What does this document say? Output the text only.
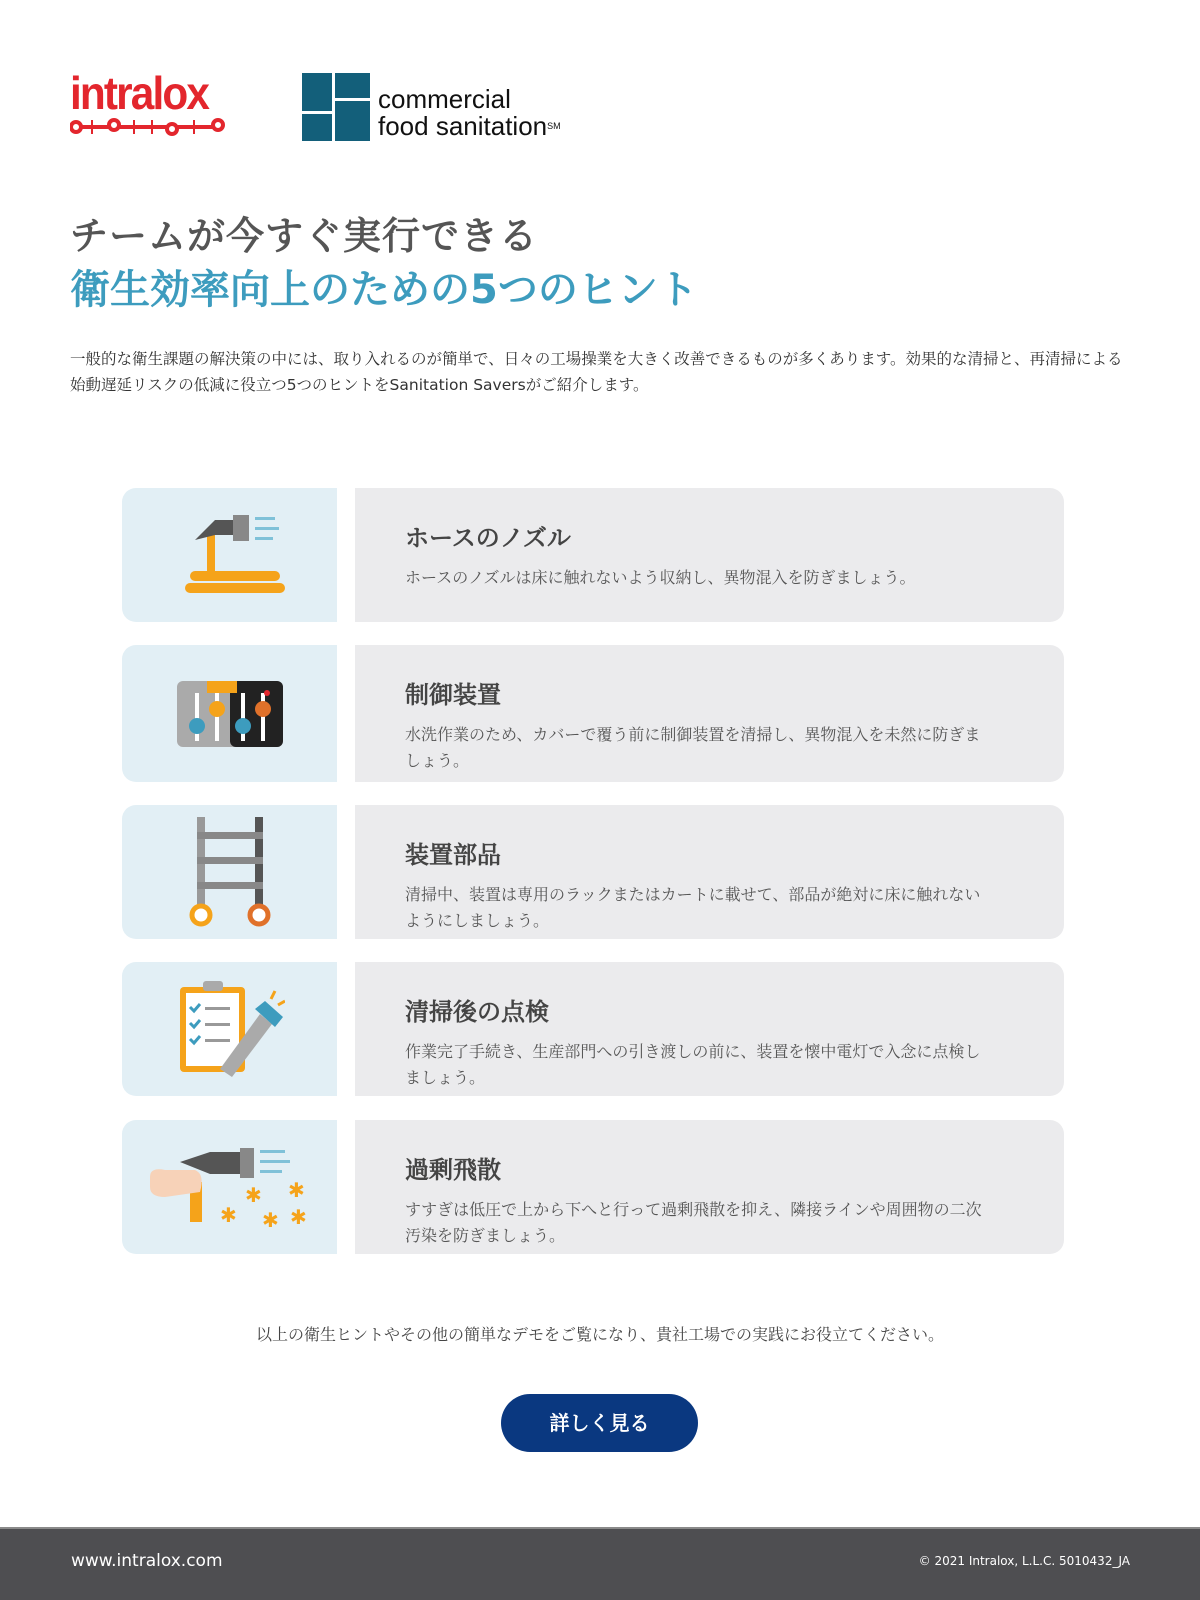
intralox	commercial
food sanitation℠
チームが今すぐ実行できる
衛生効率向上のための5つのヒント

一般的な衛生課題の解決策の中には、取り入れるのが簡単で、日々の工場操業を大きく改善できるものが多くあります。効果的な清掃と、再清掃による始動遅延リスクの低減に役立つ5つのヒントをSanitation Saversがご紹介します。

ホースのノズル

ホースのノズルは床に触れないよう収納し、異物混入を防ぎましょう。

制御装置

水洗作業のため、カバーで覆う前に制御装置を清掃し、異物混入を未然に防ぎましょう。

装置部品

清掃中、装置は専用のラックまたはカートに載せて、部品が絶対に床に触れないようにしましょう。

清掃後の点検

作業完了手続き、生産部門への引き渡しの前に、装置を懐中電灯で入念に点検しましょう。

✱
✱
✱
✱
✱
過剰飛散

すすぎは低圧で上から下へと行って過剰飛散を抑え、隣接ラインや周囲物の二次汚染を防ぎましょう。

以上の衛生ヒントやその他の簡単なデモをご覧になり、貴社工場での実践にお役立てください。

詳しく見る
www.intralox.com	© 2021 Intralox, L.L.C. 5010432_JA
